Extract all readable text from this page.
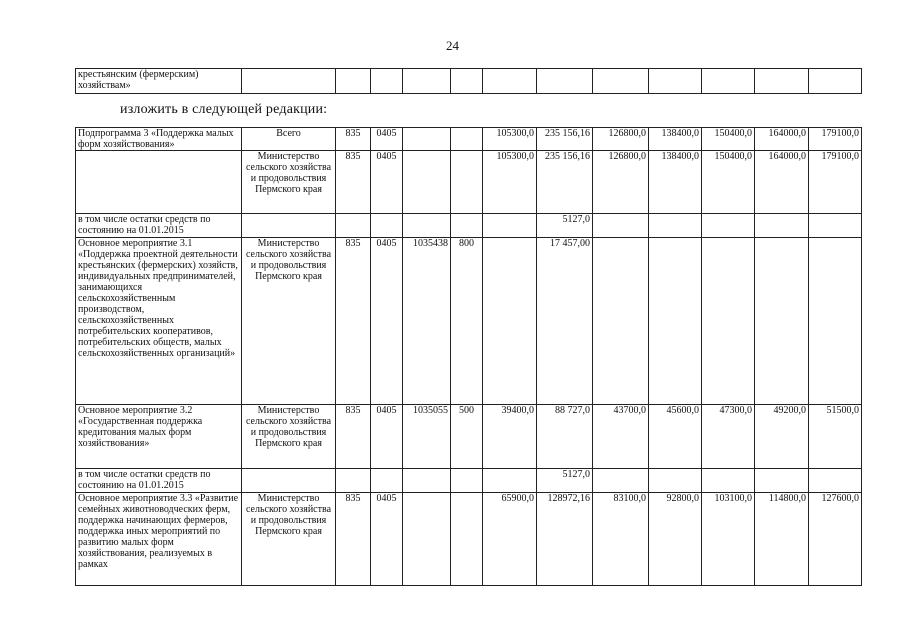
24
крестьянским (фермерским) хозяйствам»												
изложить в следующей редакции:
Подпрограмма 3 «Поддержка малых форм хозяйствования»	Всего	835	0405			105300,0	235 156,16	126800,0	138400,0	150400,0	164000,0	179100,0
	Министерство сельского хозяйства и продовольствия Пермского края	835	0405			105300,0	235 156,16	126800,0	138400,0	150400,0	164000,0	179100,0
в том числе остатки средств по состоянию на 01.01.2015							5127,0					
Основное мероприятие 3.1 «Поддержка проектной деятельности крестьянских (фермерских) хозяйств, индивидуальных предпринимателей, занимающихся сельскохозяйственным производством, сельскохозяйственных потребительских кооперативов, потребительских обществ, малых сельскохозяйственных организаций»	Министерство сельского хозяйства и продовольствия Пермского края	835	0405	1035438	800		17 457,00					
Основное мероприятие 3.2 «Государственная поддержка кредитования малых форм хозяйствования»	Министерство сельского хозяйства и продовольствия Пермского края	835	0405	1035055	500	39400,0	88 727,0	43700,0	45600,0	47300,0	49200,0	51500,0
в том числе остатки средств по состоянию на 01.01.2015							5127,0					
Основное мероприятие 3.3 «Развитие семейных животноводческих ферм, поддержка начинающих фермеров, поддержка иных мероприятий по развитию малых форм хозяйствования, реализуемых в рамках	Министерство сельского хозяйства и продовольствия Пермского края	835	0405			65900,0	128972,16	83100,0	92800,0	103100,0	114800,0	127600,0
